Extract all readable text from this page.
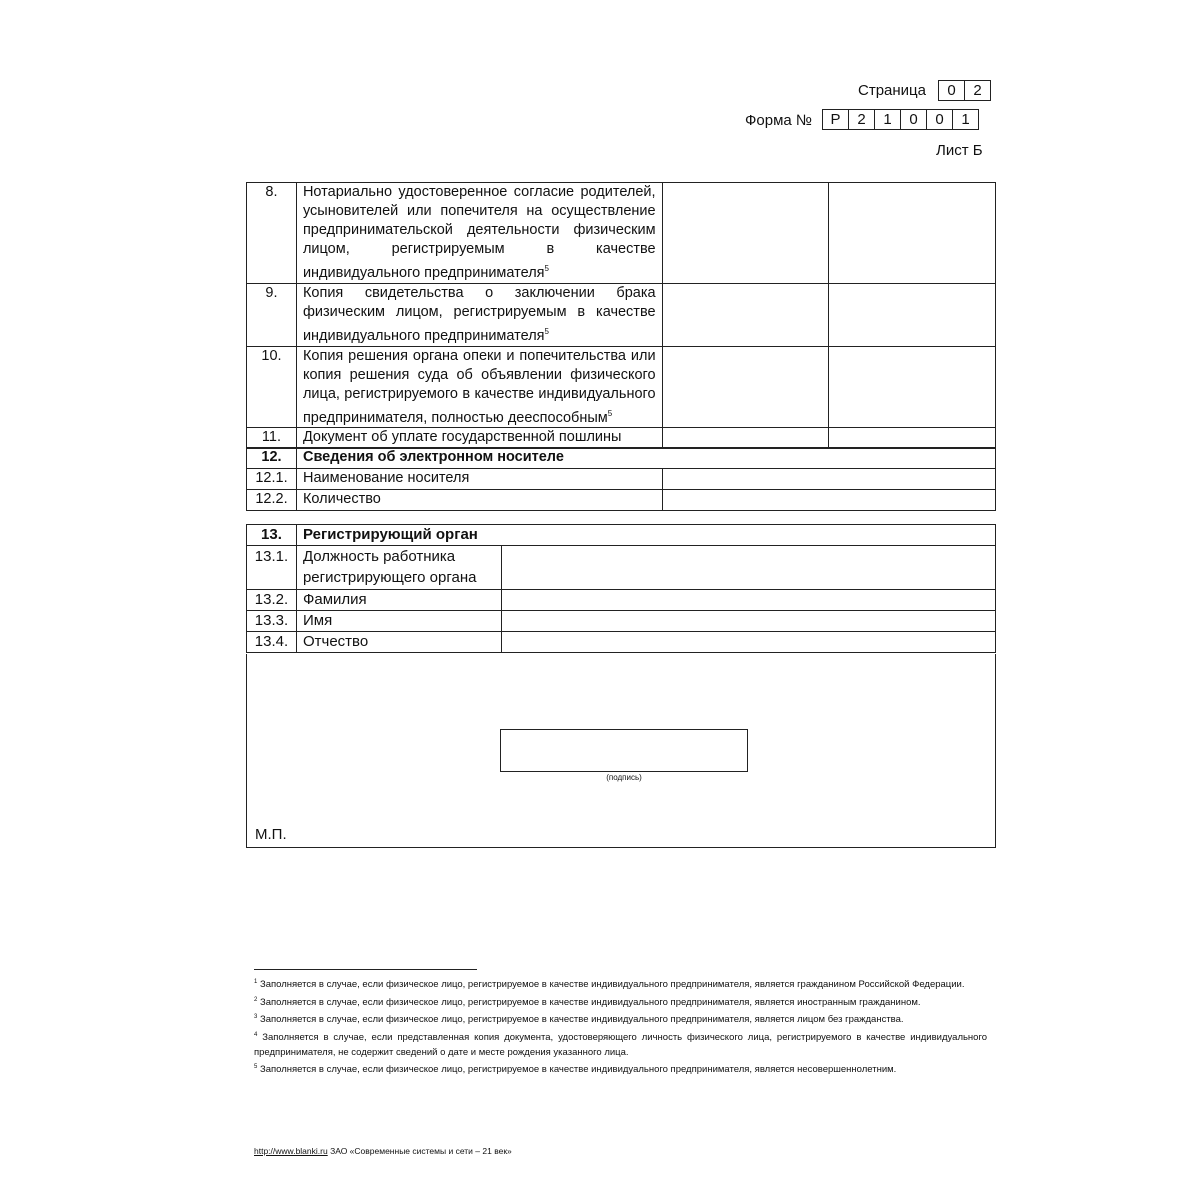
Страница	0	2
Форма №	Р	2	1	0	0	1
Лист Б
8.	Нотариально удостоверенное согласие родителей, усыновителей или попечителя на осуществление предпринимательской деятельности физическим лицом, регистрируемым в качестве индивидуального предпринимателя$^5$		
9.	Копия свидетельства о заключении брака физическим лицом, регистрируемым в качестве индивидуального предпринимателя$^5$		
10.	Копия решения органа опеки и попечительства или копия решения суда об объявлении физического лица, регистрируемого в качестве индивидуального предпринимателя, полностью дееспособным$^5$		
11.	Документ об уплате государственной пошлины		
12.	Сведения об электронном носителе	
12.1.	Наименование носителя	
12.2.	Количество	
13.	Регистрирующий орган	
13.1.	Должность работника регистрирующего органа	
13.2.	Фамилия	
13.3.	Имя	
13.4.	Отчество	
(подпись)
М.П.
$^1$ Заполняется в случае, если физическое лицо, регистрируемое в качестве индивидуального предпринимателя, является гражданином Российской Федерации.
$^2$ Заполняется в случае, если физическое лицо, регистрируемое в качестве индивидуального предпринимателя, является иностранным гражданином.
$^3$ Заполняется в случае, если физическое лицо, регистрируемое в качестве индивидуального предпринимателя, является лицом без гражданства.
$^4$ Заполняется в случае, если представленная копия документа, удостоверяющего личность физического лица, регистрируемого в качестве индивидуального предпринимателя, не содержит сведений о дате и месте рождения указанного лица.
$^5$ Заполняется в случае, если физическое лицо, регистрируемое в качестве индивидуального предпринимателя, является несовершеннолетним.
http://www.blanki.ru ЗАО «Современные системы и сети – 21 век»
